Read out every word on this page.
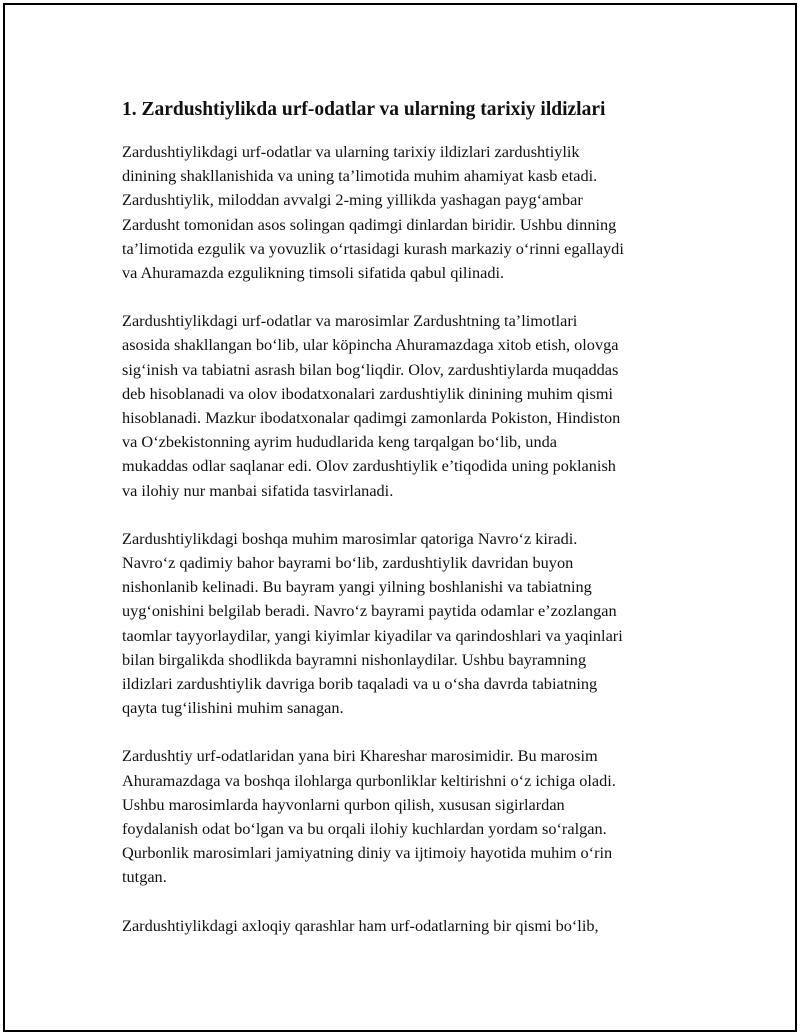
1. Zardushtiylikda urf-odatlar va ularning tarixiy ildizlari

Zardushtiylikdagi urf-odatlar va ularning tarixiy ildizlari zardushtiylik
dinining shakllanishida va uning ta’limotida muhim ahamiyat kasb etadi.
Zardushtiylik, miloddan avvalgi 2-ming yillikda yashagan payg‘ambar
Zardusht tomonidan asos solingan qadimgi dinlardan biridir. Ushbu dinning
ta’limotida ezgulik va yovuzlik o‘rtasidagi kurash markaziy o‘rinni egallaydi
va Ahuramazda ezgulikning timsoli sifatida qabul qilinadi.

Zardushtiylikdagi urf-odatlar va marosimlar Zardushtning ta’limotlari
asosida shakllangan bo‘lib, ular köpincha Ahuramazdaga xitob etish, olovga
sig‘inish va tabiatni asrash bilan bog‘liqdir. Olov, zardushtiylarda muqaddas
deb hisoblanadi va olov ibodatxonalari zardushtiylik dinining muhim qismi
hisoblanadi. Mazkur ibodatxonalar qadimgi zamonlarda Pokiston, Hindiston
va O‘zbekistonning ayrim hududlarida keng tarqalgan bo‘lib, unda
mukaddas odlar saqlanar edi. Olov zardushtiylik e’tiqodida uning poklanish
va ilohiy nur manbai sifatida tasvirlanadi.

Zardushtiylikdagi boshqa muhim marosimlar qatoriga Navro‘z kiradi.
Navro‘z qadimiy bahor bayrami bo‘lib, zardushtiylik davridan buyon
nishonlanib kelinadi. Bu bayram yangi yilning boshlanishi va tabiatning
uyg‘onishini belgilab beradi. Navro‘z bayrami paytida odamlar e’zozlangan
taomlar tayyorlaydilar, yangi kiyimlar kiyadilar va qarindoshlari va yaqinlari
bilan birgalikda shodlikda bayramni nishonlaydilar. Ushbu bayramning
ildizlari zardushtiylik davriga borib taqaladi va u o‘sha davrda tabiatning
qayta tug‘ilishini muhim sanagan.

Zardushtiy urf-odatlaridan yana biri Khareshar marosimidir. Bu marosim
Ahuramazdaga va boshqa ilohlarga qurbonliklar keltirishni o‘z ichiga oladi.
Ushbu marosimlarda hayvonlarni qurbon qilish, xususan sigirlardan
foydalanish odat bo‘lgan va bu orqali ilohiy kuchlardan yordam so‘ralgan.
Qurbonlik marosimlari jamiyatning diniy va ijtimoiy hayotida muhim o‘rin
tutgan.

Zardushtiylikdagi axloqiy qarashlar ham urf-odatlarning bir qismi bo‘lib,
